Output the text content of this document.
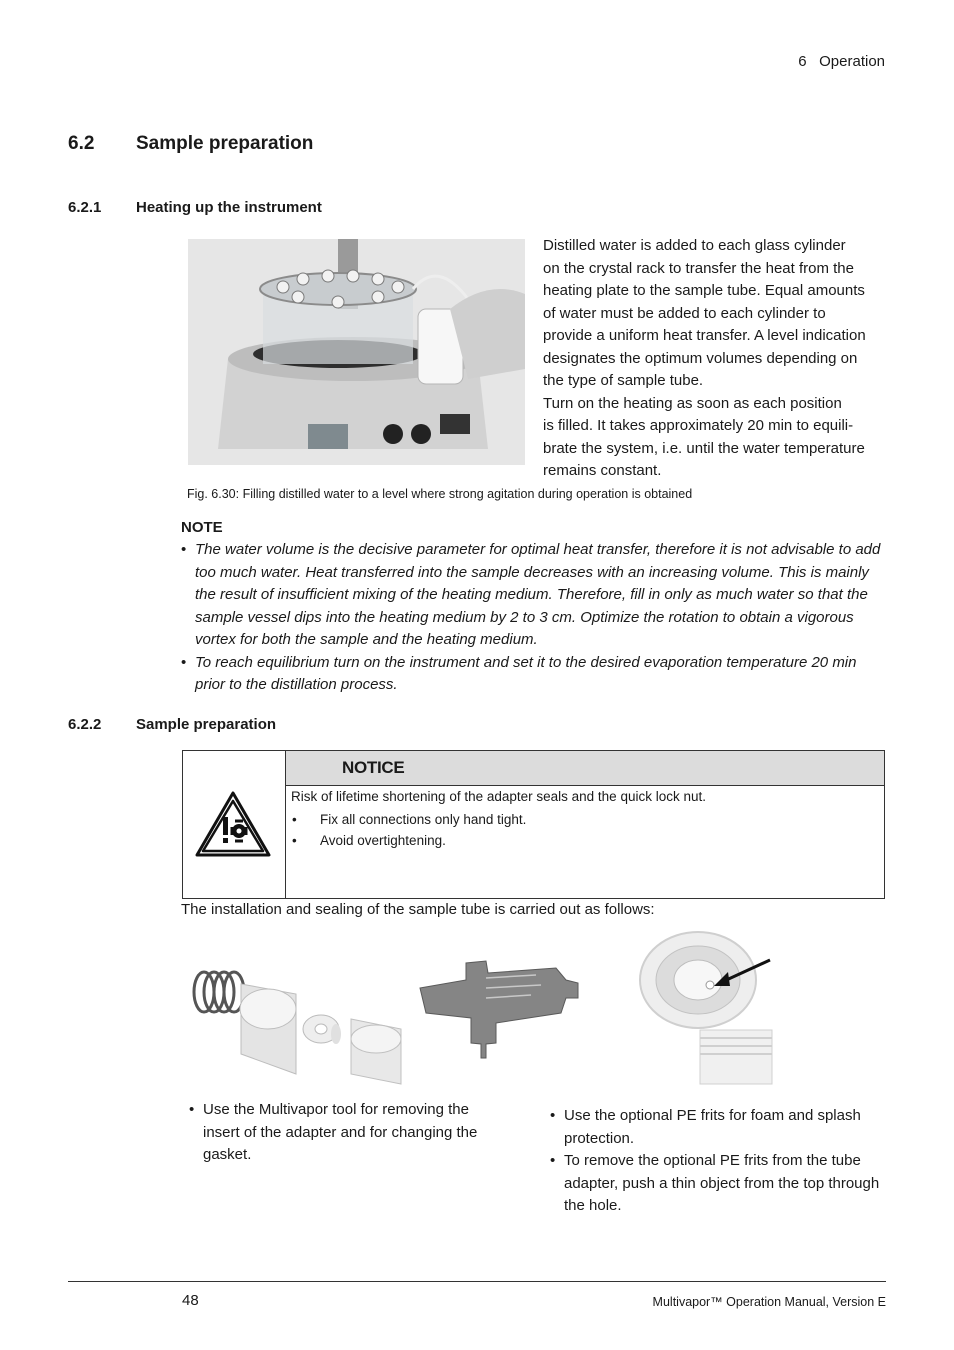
6   Operation
6.2 Sample preparation
6.2.1 Heating up the instrument
Distilled water is added to each glass cylinder
on the crystal rack to transfer the heat from the
heating plate to the sample tube. Equal amounts
of water must be added to each cylinder to
provide a uniform heat transfer. A level indication
designates the optimum volumes depending on
the type of sample tube.
Turn on the heating as soon as each position
is filled. It takes approximately 20 min to equili-
brate the system, i.e. until the water temperature
remains constant.
Fig. 6.30: Filling distilled water to a level where strong agitation during operation is obtained
NOTE
• The water volume is the decisive parameter for optimal heat transfer, therefore it is not advisable to add too much water. Heat transferred into the sample decreases with an increasing volume. This is mainly the result of insufficient mixing of the heating medium. Therefore, fill in only as much water so that the sample vessel dips into the heating medium by 2 to 3 cm. Optimize the rotation to obtain a vigorous vortex for both the sample and the heating medium.
• To reach equilibrium turn on the instrument and set it to the desired evaporation temperature 20 min prior to the distillation process.
6.2.2 Sample preparation
NOTICE

Risk of lifetime shortening of the adapter seals and the quick lock nut.

• Fix all connections only hand tight.
• Avoid overtightening.
The installation and sealing of the sample tube is carried out as follows:
• Use the Multivapor tool for removing the insert of the adapter and for changing the gasket.
• Use the optional PE frits for foam and splash protection.
• To remove the optional PE frits from the tube adapter, push a thin object from the top through the hole.
48	Multivapor™ Operation Manual, Version E
